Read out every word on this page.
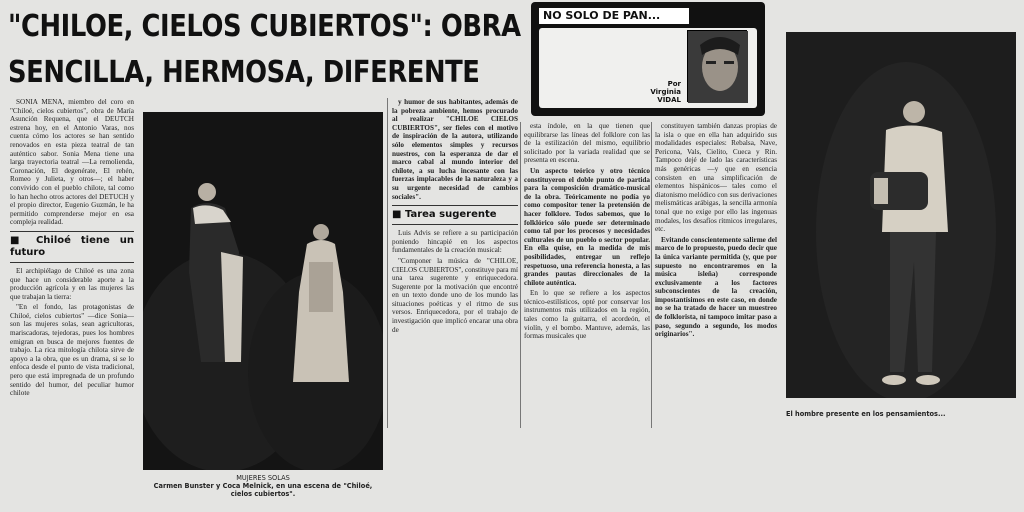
"CHILOE, CIELOS CUBIERTOS": OBRA
SENCILLA, HERMOSA, DIFERENTE

SONIA MENA, miembro del coro en "Chiloé, cielos cubiertos", obra de María Asunción Requena, que el DEUTCH estrena hoy, en el Antonio Varas, nos cuenta cómo los actores se han sentido renovados en esta pieza teatral de tan auténtico sabor. Sonia Mena tiene una larga trayectoria teatral —La remolienda, Coronación, El degenérate, El rehén, Romeo y Julieta, y otros—; el haber convivido con el pueblo chilote, tal como lo han hecho otros actores del DETUCH y el propio director, Eugenio Guzmán, le ha permitido comprenderse mejor en esa compleja realidad.

■ Chiloé tiene un futuro

El archipiélago de Chiloé es una zona que hace un considerable aporte a la producción agrícola y en las mujeres las que trabajan la tierra:

"En el fondo, las protagonistas de Chiloé, cielos cubiertos" —dice Sonia— son las mujeres solas, sean agricultoras, mariscadoras, tejedoras, pues los hombres emigran en busca de mejores fuentes de trabajo. La rica mitología chilota sirve de apoyo a la obra, que es un drama, si se lo enfoca desde el punto de vista tradicional, pero que está impregnada de un profundo sentido del humor, del peculiar humor chilote

MUJERES SOLAS
Carmen Bunster y Coca Melnick, en una escena de "Chiloé, cielos cubiertos".

y humor de sus habitantes, además de la pobreza ambiente, hemos procurado al realizar "CHILOE CIELOS CUBIERTOS", ser fieles con el motivo de inspiración de la autora, utilizando sólo elementos simples y recursos nuestros, con la esperanza de dar el marco cabal al mundo interior del chilote, a su lucha incesante con las fuerzas implacables de la naturaleza y a su urgente necesidad de cambios sociales".

■ Tarea sugerente

Luis Advis se refiere a su participación poniendo hincapié en los aspectos fundamentales de la creación musical:

"Componer la música de "CHILOE, CIELOS CUBIERTOS", constituye para mí una tarea sugerente y enriquecedora. Sugerente por la motivación que encontré en un texto donde uno de los mundo las situaciones poéticas y el ritmo de sus versos. Enriquecedora, por el trabajo de investigación que implicó encarar una obra de

NO SOLO DE PAN...
Por
Virginia
VIDAL

esta índole, en la que tienen que equilibrarse las líneas del folklore con las de la estilización del mismo, equilibrio solicitado por la variada realidad que se presenta en escena.

Un aspecto teórico y otro técnico constituyeron el doble punto de partida para la composición dramático-musical de la obra. Teóricamente no podía yo como compositor tener la pretensión de hacer folklore. Todos sabemos, que lo folklórico sólo puede ser determinado como tal por los procesos y necesidades culturales de un pueblo o sector popular. En ella quise, en la medida de mis posibilidades, entregar un reflejo respetuoso, una referencia honesta, a las grandes pautas direccionales de la chilote auténtica.

En lo que se refiere a los aspectos técnico-estilísticos, opté por conservar los instrumentos más utilizados en la región, tales como la guitarra, el acordeón, el violín, y el bombo. Mantuve, además, las formas musicales que

constituyen también danzas propias de la isla o que en ella han adquirido sus modalidades especiales: Rebalsa, Nave, Pericona, Vals, Cielito, Cueca y Rin. Tampoco dejé de lado las características más genéricas —y que en esencia consisten en una simplificación de elementos hispánicos— tales como el diatonismo melódico con sus derivaciones melismáticas arábigas, la sencilla armonía tonal que no exige por ello las ingenuas modales, los desafíos rítmicos irregulares, etc.

Evitando conscientemente salirme del marco de lo propuesto, puedo decir que la única variante permitida (y, que por supuesto no encontraremos en la música isleña) corresponde exclusivamente a los factores subconscientes de la creación, impostantísimos en este caso, en donde no se ha tratado de hacer un muestreo de folklorista, ni tampoco imitar paso a paso, segundo a segundo, los modos originarios".

El hombre presente en los pensamientos...
